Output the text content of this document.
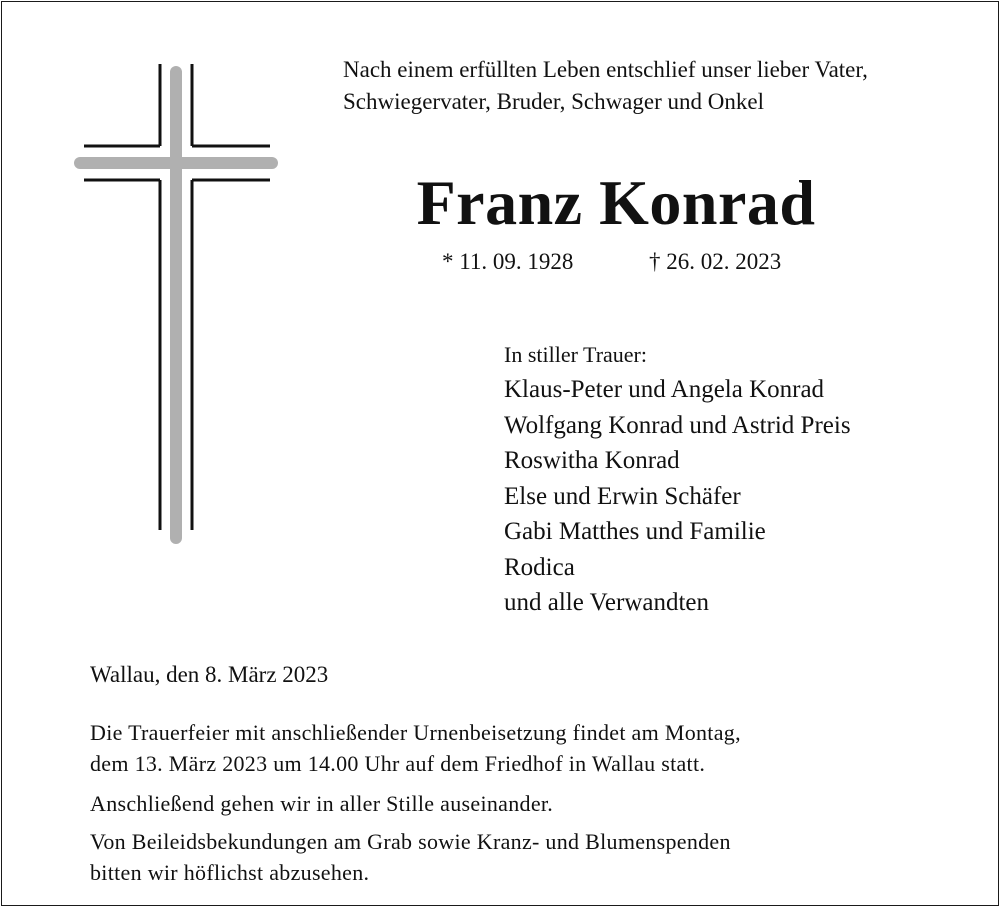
Nach einem erfüllten Leben entschlief unser lieber Vater,
Schwiegervater, Bruder, Schwager und Onkel

Franz Konrad
* 11. 09. 1928	† 26. 02. 2023
In stiller Trauer:
Klaus-Peter und Angela Konrad
Wolfgang Konrad und Astrid Preis
Roswitha Konrad
Else und Erwin Schäfer
Gabi Matthes und Familie
Rodica
und alle Verwandten

Wallau, den 8. März 2023

Die Trauerfeier mit anschließender Urnenbeisetzung findet am Montag,
dem 13. März 2023 um 14.00 Uhr auf dem Friedhof in Wallau statt.

Anschließend gehen wir in aller Stille auseinander.

Von Beileidsbekundungen am Grab sowie Kranz- und Blumenspenden
bitten wir höflichst abzusehen.
